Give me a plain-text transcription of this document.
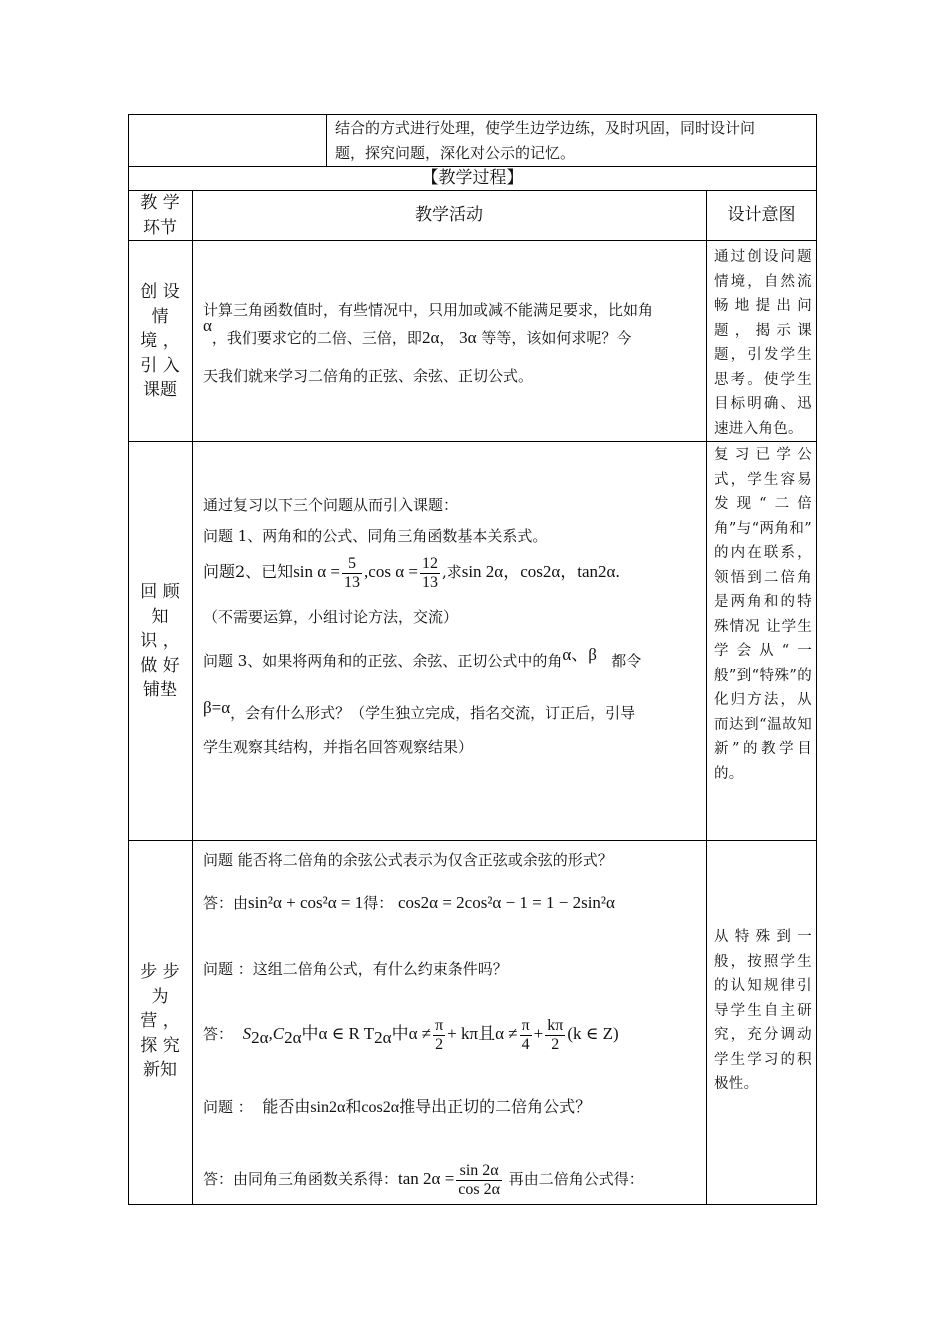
结合的方式进行处理，使学生边学边练，及时巩固，同时设计问
题，探究问题，深化对公示的记忆。
【教学过程】
教 学
环节
教学活动	设计意图
创 设
情
境 ，
引 入
课题
计算三角函数值时，有些情况中，只用加或减不能满足要求，比如角
α，我们要求它的二倍、三倍，即2α， 3α 等等，该如何求呢？今
天我们就来学习二倍角的正弦、余弦、正切公式。
通过创设问题情境，自然流畅地提出问题，揭示课题，引发学生思考。使学生目标明确、迅速进入角色。
回 顾
知
识 ，
做 好
铺垫
通过复习以下三个问题从而引入课题：
问题 1、两角和的公式、同角三角函数基本关系式。
问题2、已知$\sin \alpha = \frac{5}{13} ,\cos$ $\alpha = \frac{12}{13}$ ,求sin 2α，cos2α，tan2α.
（不需要运算，小组讨论方法，交流）
问题 3、如果将两角和的正弦、余弦、正切公式中的角α、β 都令
β=α，会有什么形式？（学生独立完成，指名交流，订正后，引导
学生观察其结构，并指名回答观察结果）
复习已学公式，学生容易发现“二倍角”与“两角和” 的内在联系，领悟到二倍角是两角和的特殊情况 让学生学会从“一般”到“特殊”的化归方法，从而达到“温故知新”的教学目的。
步 步
为
营 ，
探 究
新知
问题 能否将二倍角的余弦公式表示为仅含正弦或余弦的形式？
答：由sin²α + cos²α = 1得： cos2α = 2cos²α − 1 = 1 − 2sin²α
问题 ：这组二倍角公式，有什么约束条件吗？
答： $S_{2\alpha},C_{2\alpha}$中α ∈ R $T_{2\alpha}$中$\alpha \ne \frac{\pi}{2} + k\pi$且$\alpha \ne \frac{\pi}{4} + \frac{k\pi}{2} (k$ ∈ Z)
问题 ： 能否由sin2α和cos2α推导出正切的二倍角公式？
答：由同角三角函数关系得：$\tan 2\alpha = \frac{\sin 2\alpha}{\cos 2\alpha}$ 再由二倍角公式得：
从特殊到一般，按照学生的认知规律引导学生自主研究，充分调动学生学习的积极性。
